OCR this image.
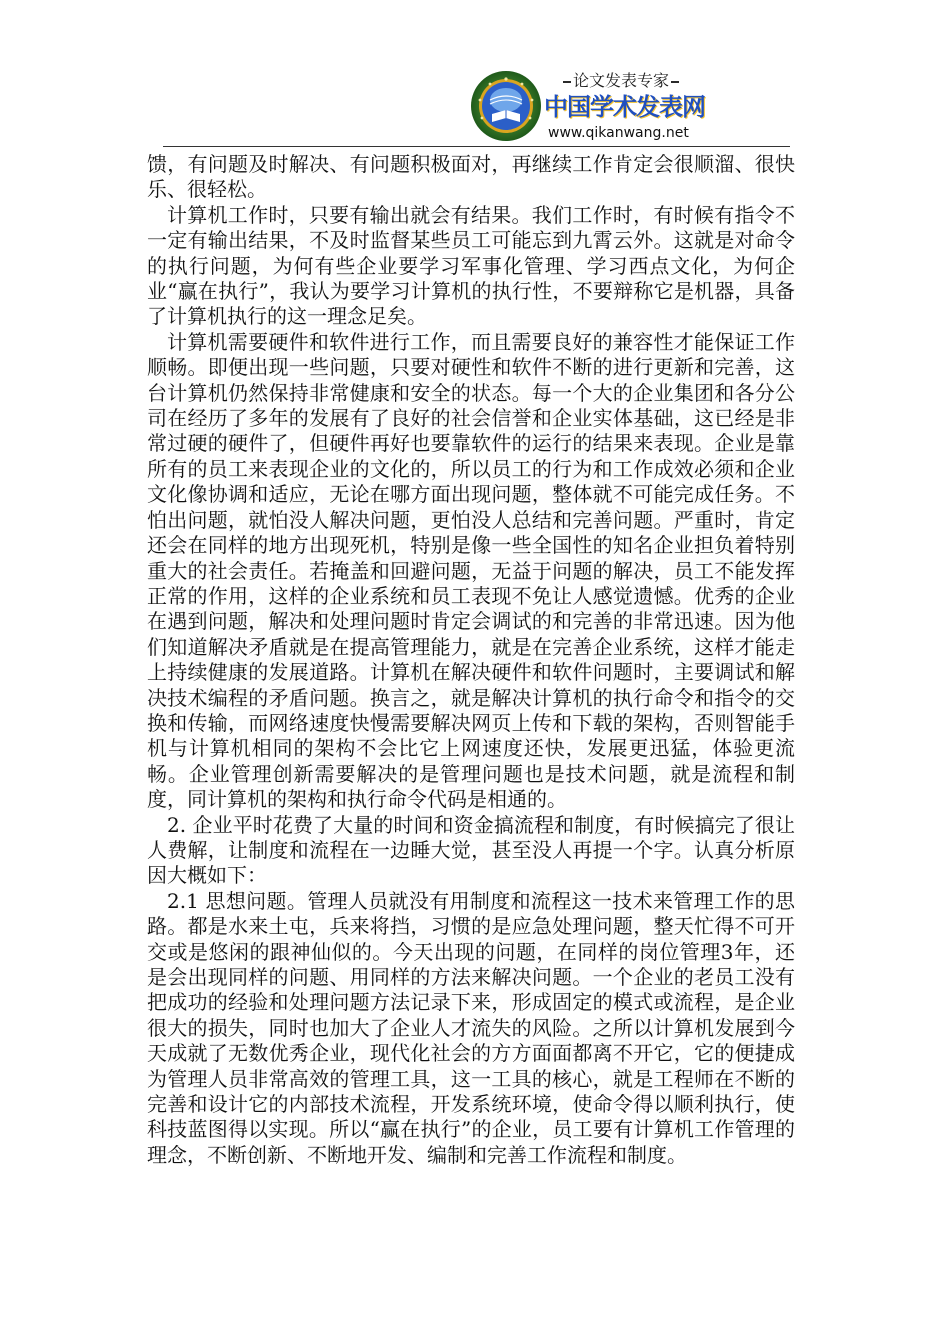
论文发表专家
中国学术发表网
www.qikanwang.net

馈，有问题及时解决、有问题积极面对，再继续工作肯定会很顺溜、很快乐、很轻松。

计算机工作时，只要有输出就会有结果。我们工作时，有时候有指令不一定有输出结果，不及时监督某些员工可能忘到九霄云外。这就是对命令的执行问题，为何有些企业要学习军事化管理、学习西点文化，为何企业“赢在执行”，我认为要学习计算机的执行性，不要辩称它是机器，具备了计算机执行的这一理念足矣。

计算机需要硬件和软件进行工作，而且需要良好的兼容性才能保证工作顺畅。即便出现一些问题，只要对硬性和软件不断的进行更新和完善，这台计算机仍然保持非常健康和安全的状态。每一个大的企业集团和各分公司在经历了多年的发展有了良好的社会信誉和企业实体基础，这已经是非常过硬的硬件了，但硬件再好也要靠软件的运行的结果来表现。企业是靠所有的员工来表现企业的文化的，所以员工的行为和工作成效必须和企业文化像协调和适应，无论在哪方面出现问题，整体就不可能完成任务。不怕出问题，就怕没人解决问题，更怕没人总结和完善问题。严重时，肯定还会在同样的地方出现死机，特别是像一些全国性的知名企业担负着特别重大的社会责任。若掩盖和回避问题，无益于问题的解决，员工不能发挥正常的作用，这样的企业系统和员工表现不免让人感觉遗憾。优秀的企业在遇到问题，解决和处理问题时肯定会调试的和完善的非常迅速。因为他们知道解决矛盾就是在提高管理能力，就是在完善企业系统，这样才能走上持续健康的发展道路。计算机在解决硬件和软件问题时，主要调试和解决技术编程的矛盾问题。换言之，就是解决计算机的执行命令和指令的交换和传输，而网络速度快慢需要解决网页上传和下载的架构，否则智能手机与计算机相同的架构不会比它上网速度还快，发展更迅猛，体验更流畅。企业管理创新需要解决的是管理问题也是技术问题，就是流程和制度，同计算机的架构和执行命令代码是相通的。

2. 企业平时花费了大量的时间和资金搞流程和制度，有时候搞完了很让人费解，让制度和流程在一边睡大觉，甚至没人再提一个字。认真分析原因大概如下：

2.1 思想问题。管理人员就没有用制度和流程这一技术来管理工作的思路。都是水来土屯，兵来将挡，习惯的是应急处理问题，整天忙得不可开交或是悠闲的跟神仙似的。今天出现的问题，在同样的岗位管理3年，还是会出现同样的问题、用同样的方法来解决问题。一个企业的老员工没有把成功的经验和处理问题方法记录下来，形成固定的模式或流程，是企业很大的损失，同时也加大了企业人才流失的风险。之所以计算机发展到今天成就了无数优秀企业，现代化社会的方方面面都离不开它，它的便捷成为管理人员非常高效的管理工具，这一工具的核心，就是工程师在不断的完善和设计它的内部技术流程，开发系统环境，使命令得以顺利执行，使科技蓝图得以实现。所以“赢在执行”的企业，员工要有计算机工作管理的理念，不断创新、不断地开发、编制和完善工作流程和制度。
